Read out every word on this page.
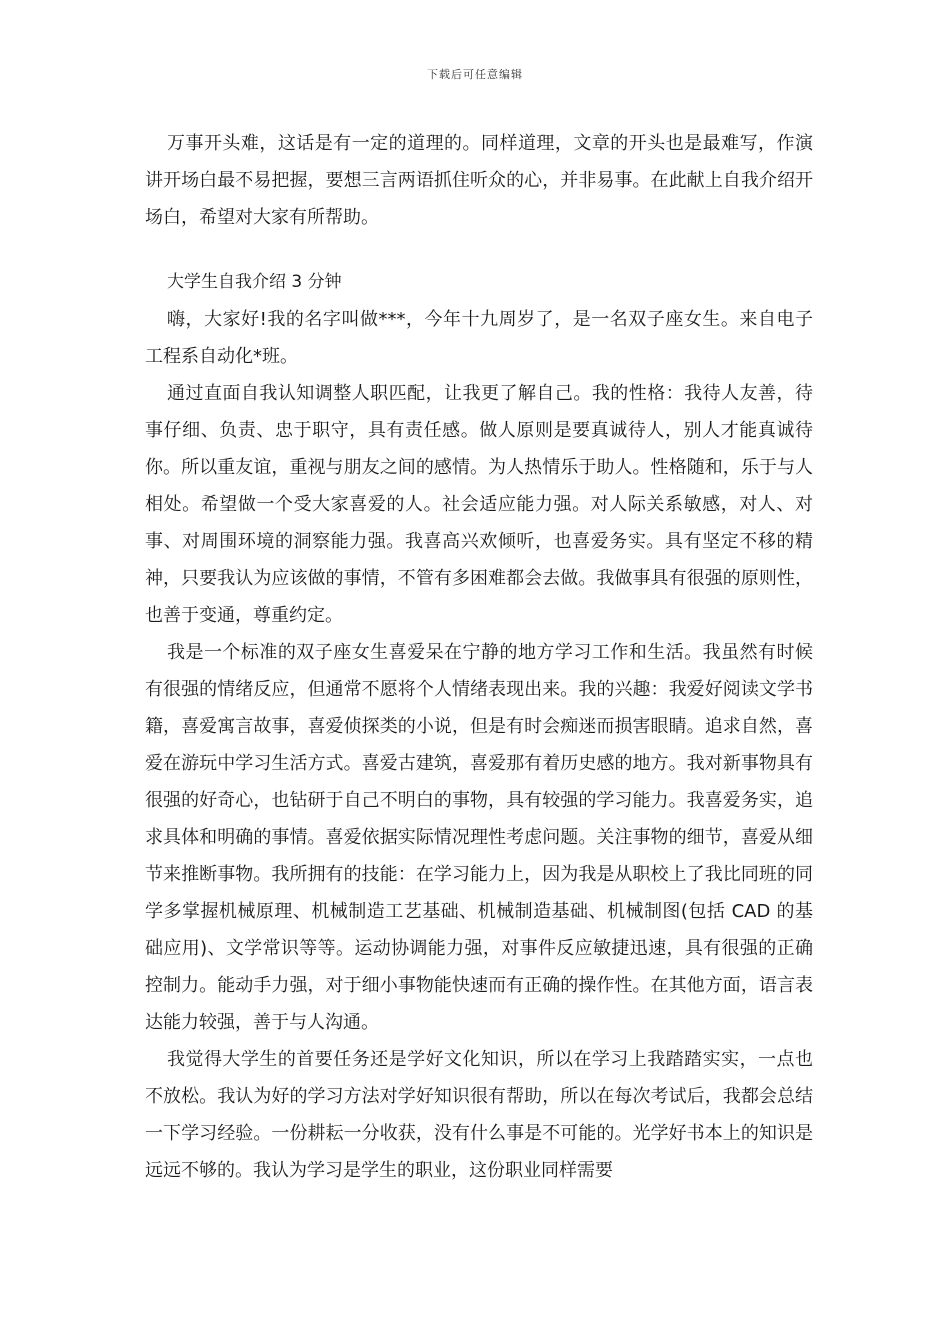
下载后可任意编辑

万事开头难，这话是有一定的道理的。同样道理，文章的开头也是最难写，作演讲开场白最不易把握，要想三言两语抓住听众的心，并非易事。在此献上自我介绍开场白，希望对大家有所帮助。

大学生自我介绍 3 分钟

嗨，大家好!我的名字叫做***，今年十九周岁了，是一名双子座女生。来自电子工程系自动化*班。

通过直面自我认知调整人职匹配，让我更了解自己。我的性格：我待人友善，待事仔细、负责、忠于职守，具有责任感。做人原则是要真诚待人，别人才能真诚待你。所以重友谊，重视与朋友之间的感情。为人热情乐于助人。性格随和，乐于与人相处。希望做一个受大家喜爱的人。社会适应能力强。对人际关系敏感，对人、对事、对周围环境的洞察能力强。我喜高兴欢倾听，也喜爱务实。具有坚定不移的精神，只要我认为应该做的事情，不管有多困难都会去做。我做事具有很强的原则性，也善于变通，尊重约定。

我是一个标准的双子座女生喜爱呆在宁静的地方学习工作和生活。我虽然有时候有很强的情绪反应，但通常不愿将个人情绪表现出来。我的兴趣：我爱好阅读文学书籍，喜爱寓言故事，喜爱侦探类的小说，但是有时会痴迷而损害眼睛。追求自然，喜爱在游玩中学习生活方式。喜爱古建筑，喜爱那有着历史感的地方。我对新事物具有很强的好奇心，也钻研于自己不明白的事物，具有较强的学习能力。我喜爱务实，追求具体和明确的事情。喜爱依据实际情况理性考虑问题。关注事物的细节，喜爱从细节来推断事物。我所拥有的技能：在学习能力上，因为我是从职校上了我比同班的同学多掌握机械原理、机械制造工艺基础、机械制造基础、机械制图(包括 CAD 的基础应用)、文学常识等等。运动协调能力强，对事件反应敏捷迅速，具有很强的正确控制力。能动手力强，对于细小事物能快速而有正确的操作性。在其他方面，语言表达能力较强，善于与人沟通。

我觉得大学生的首要任务还是学好文化知识，所以在学习上我踏踏实实，一点也不放松。我认为好的学习方法对学好知识很有帮助，所以在每次考试后，我都会总结一下学习经验。一份耕耘一分收获，没有什么事是不可能的。光学好书本上的知识是远远不够的。我认为学习是学生的职业，这份职业同样需要
